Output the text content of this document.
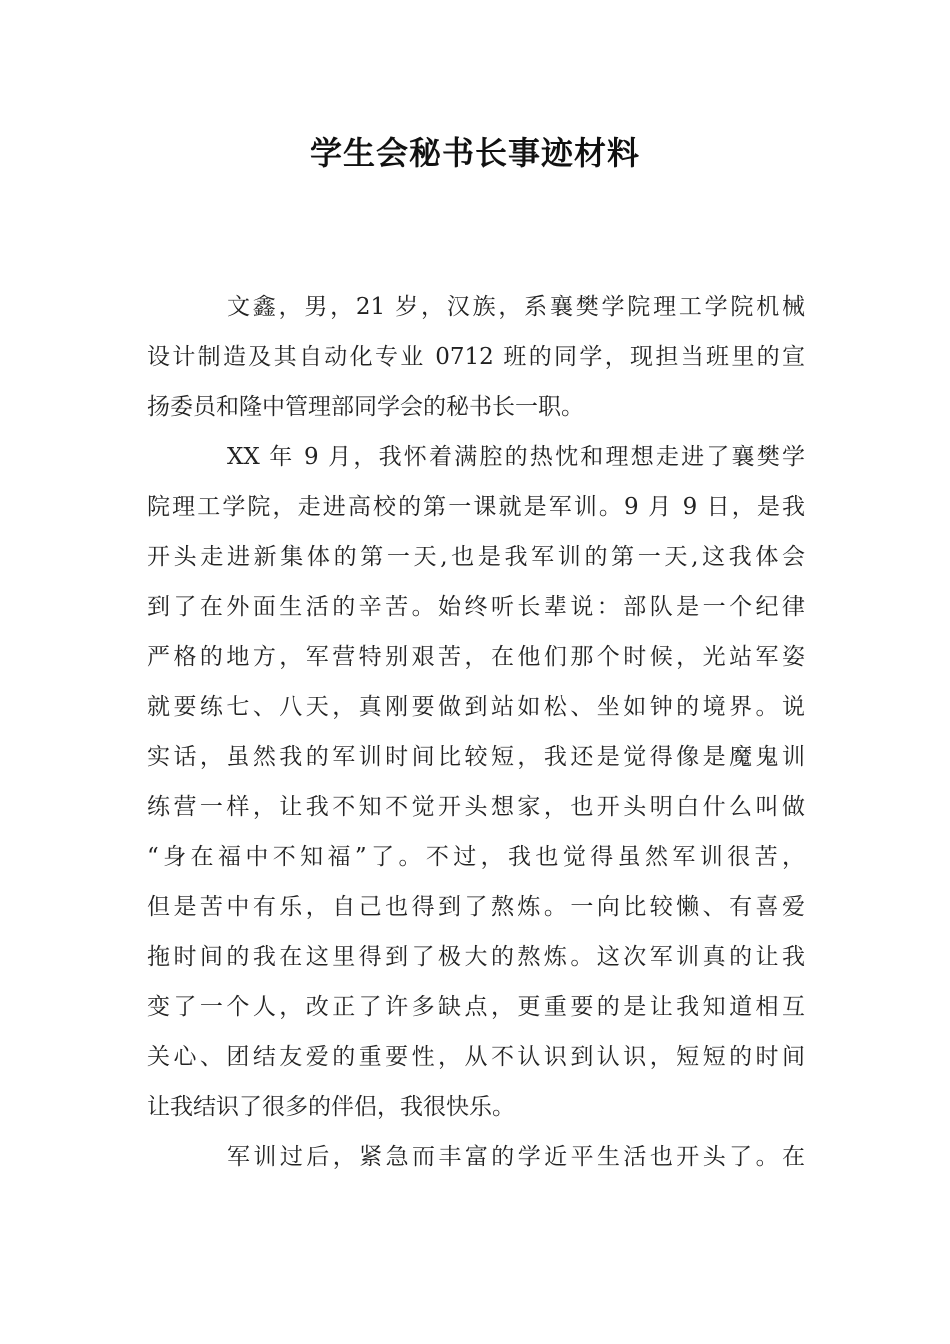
学生会秘书长事迹材料

文鑫，男，21 岁，汉族，系襄樊学院理工学院机械
设计制造及其自动化专业 0712 班的同学，现担当班里的宣
扬委员和隆中管理部同学会的秘书长一职。

XX 年 9 月，我怀着满腔的热忱和理想走进了襄樊学
院理工学院，走进高校的第一课就是军训。9 月 9 日，是我
开头走进新集体的第一天,也是我军训的第一天,这我体会
到了在外面生活的辛苦。始终听长辈说：部队是一个纪律
严格的地方，军营特别艰苦，在他们那个时候，光站军姿
就要练七、八天，真刚要做到站如松、坐如钟的境界。说
实话，虽然我的军训时间比较短，我还是觉得像是魔鬼训
练营一样，让我不知不觉开头想家，也开头明白什么叫做
“身在福中不知福”了。不过，我也觉得虽然军训很苦，
但是苦中有乐，自己也得到了熬炼。一向比较懒、有喜爱
拖时间的我在这里得到了极大的熬炼。这次军训真的让我
变了一个人，改正了许多缺点，更重要的是让我知道相互
关心、团结友爱的重要性，从不认识到认识，短短的时间
让我结识了很多的伴侣，我很快乐。

军训过后，紧急而丰富的学近平生活也开头了。在
